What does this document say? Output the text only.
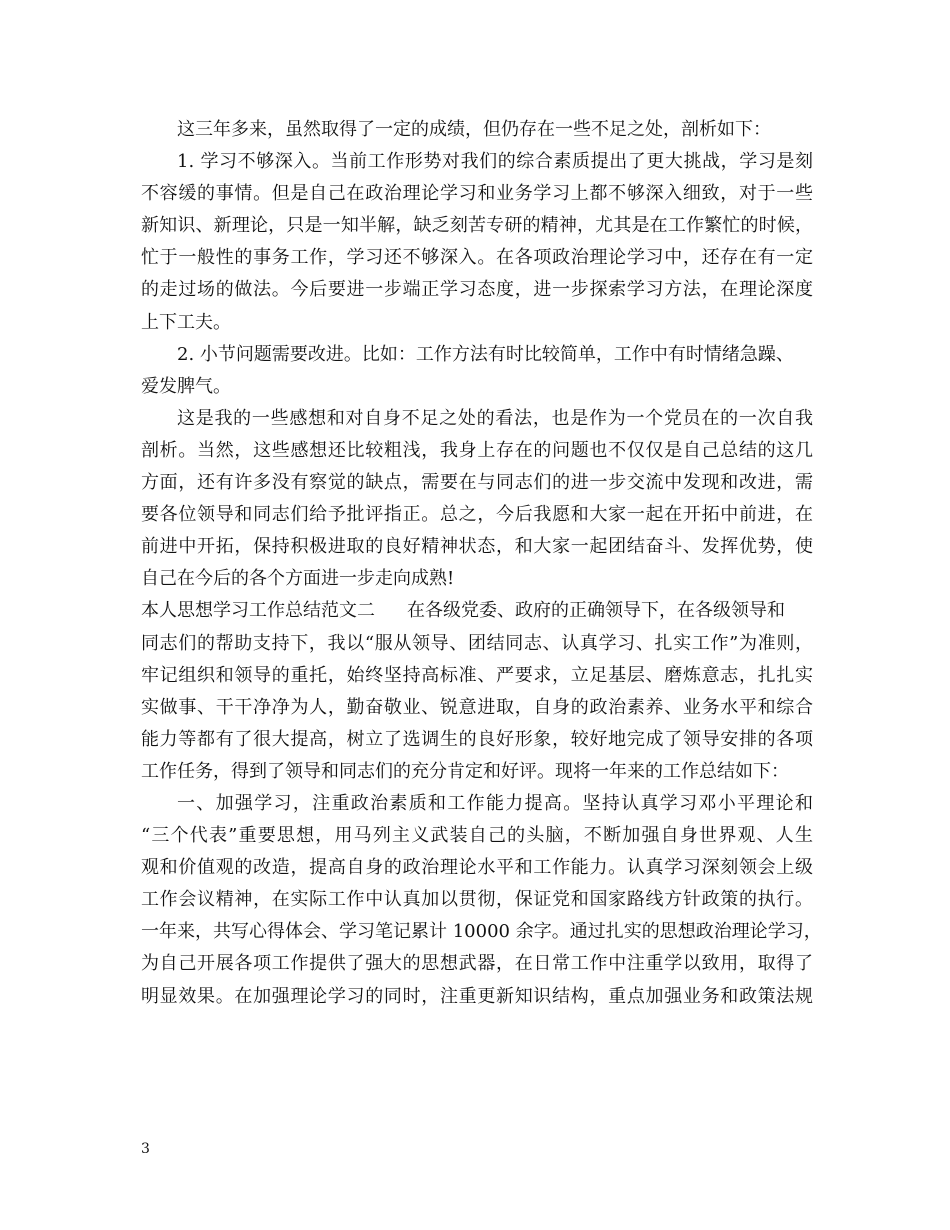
这三年多来，虽然取得了一定的成绩，但仍存在一些不足之处，剖析如下：
1. 学习不够深入。当前工作形势对我们的综合素质提出了更大挑战，学习是刻
不容缓的事情。但是自己在政治理论学习和业务学习上都不够深入细致，对于一些
新知识、新理论，只是一知半解，缺乏刻苦专研的精神，尤其是在工作繁忙的时候，
忙于一般性的事务工作，学习还不够深入。在各项政治理论学习中，还存在有一定
的走过场的做法。今后要进一步端正学习态度，进一步探索学习方法，在理论深度
上下工夫。
2. 小节问题需要改进。比如：工作方法有时比较简单，工作中有时情绪急躁、
爱发脾气。
这是我的一些感想和对自身不足之处的看法，也是作为一个党员在的一次自我
剖析。当然，这些感想还比较粗浅，我身上存在的问题也不仅仅是自己总结的这几
方面，还有许多没有察觉的缺点，需要在与同志们的进一步交流中发现和改进，需
要各位领导和同志们给予批评指正。总之，今后我愿和大家一起在开拓中前进，在
前进中开拓，保持积极进取的良好精神状态，和大家一起团结奋斗、发挥优势，使
自己在今后的各个方面进一步走向成熟!
本人思想学习工作总结范文二 在各级党委、政府的正确领导下，在各级领导和
同志们的帮助支持下，我以“服从领导、团结同志、认真学习、扎实工作”为准则，
牢记组织和领导的重托，始终坚持高标准、严要求，立足基层、磨炼意志，扎扎实
实做事、干干净净为人，勤奋敬业、锐意进取，自身的政治素养、业务水平和综合
能力等都有了很大提高，树立了选调生的良好形象，较好地完成了领导安排的各项
工作任务，得到了领导和同志们的充分肯定和好评。现将一年来的工作总结如下：
一、加强学习，注重政治素质和工作能力提高。坚持认真学习邓小平理论和
“三个代表”重要思想，用马列主义武装自己的头脑，不断加强自身世界观、人生
观和价值观的改造，提高自身的政治理论水平和工作能力。认真学习深刻领会上级
工作会议精神，在实际工作中认真加以贯彻，保证党和国家路线方针政策的执行。
一年来，共写心得体会、学习笔记累计 10000 余字。通过扎实的思想政治理论学习，
为自己开展各项工作提供了强大的思想武器，在日常工作中注重学以致用，取得了
明显效果。在加强理论学习的同时，注重更新知识结构，重点加强业务和政策法规
3
